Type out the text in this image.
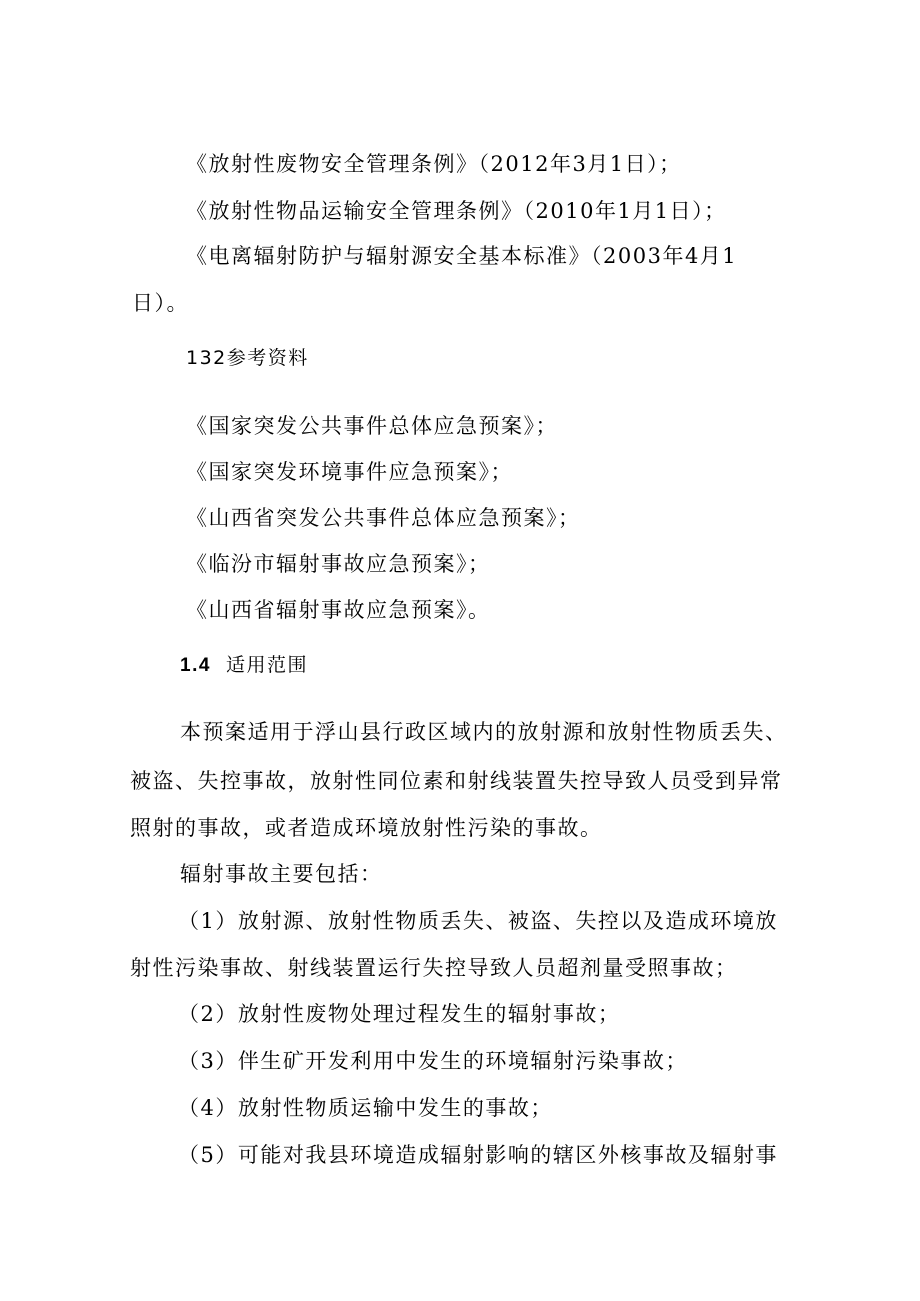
《放射性废物安全管理条例》（2012年3月1日）；
《放射性物品运输安全管理条例》（2010年1月1日）；
《电离辐射防护与辐射源安全基本标准》（2003年4月1
日）。
132参考资料
《国家突发公共事件总体应急预案》；
《国家突发环境事件应急预案》；
《山西省突发公共事件总体应急预案》；
《临汾市辐射事故应急预案》；
《山西省辐射事故应急预案》。
1.4 适用范围
本预案适用于浮山县行政区域内的放射源和放射性物质丢失、
被盗、失控事故，放射性同位素和射线装置失控导致人员受到异常
照射的事故，或者造成环境放射性污染的事故。
辐射事故主要包括：
（1）放射源、放射性物质丢失、被盗、失控以及造成环境放
射性污染事故、射线装置运行失控导致人员超剂量受照事故；
（2）放射性废物处理过程发生的辐射事故；
（3）伴生矿开发利用中发生的环境辐射污染事故；
（4）放射性物质运输中发生的事故；
（5）可能对我县环境造成辐射影响的辖区外核事故及辐射事
